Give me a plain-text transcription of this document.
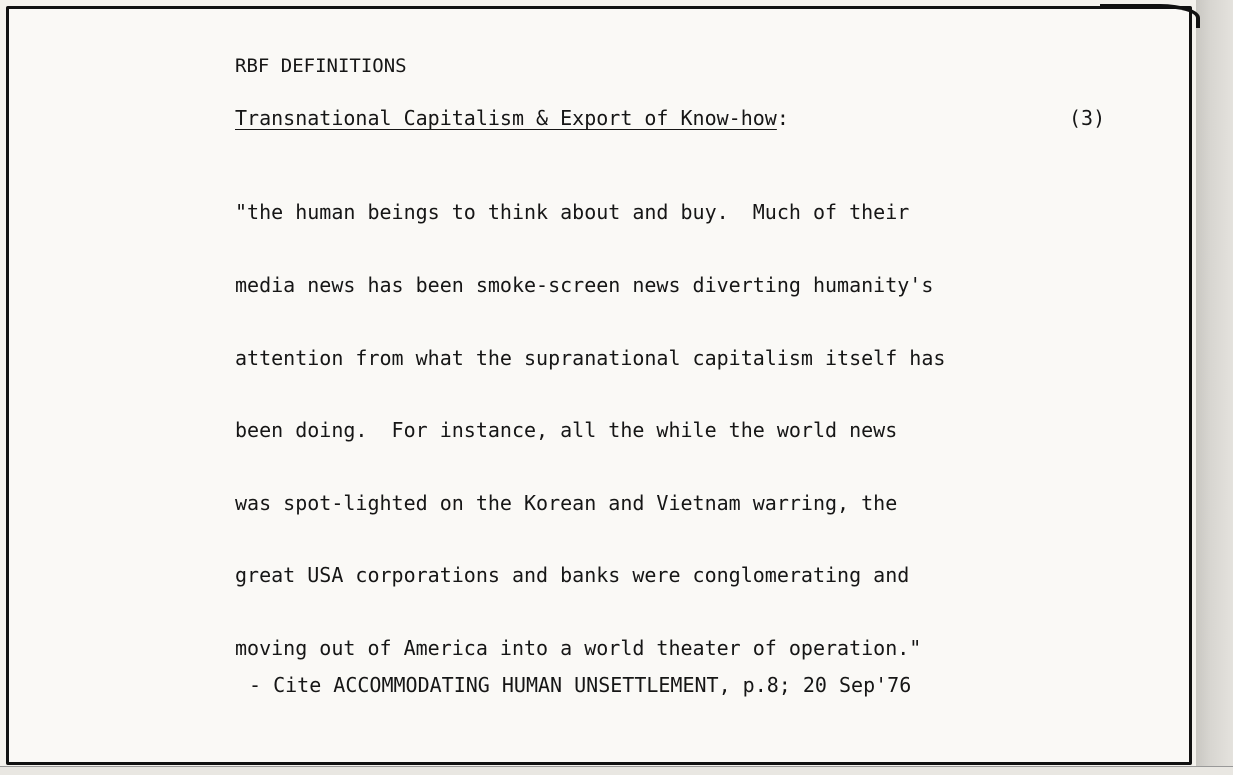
RBF DEFINITIONS
Transnational Capitalism & Export of Know-how:	(3)

"the human beings to think about and buy.  Much of their

media news has been smoke-screen news diverting humanity's

attention from what the supranational capitalism itself has

been doing.  For instance, all the while the world news

was spot-lighted on the Korean and Vietnam warring, the

great USA corporations and banks were conglomerating and

moving out of America into a world theater of operation."

- Cite ACCOMMODATING HUMAN UNSETTLEMENT, p.8; 20 Sep'76
